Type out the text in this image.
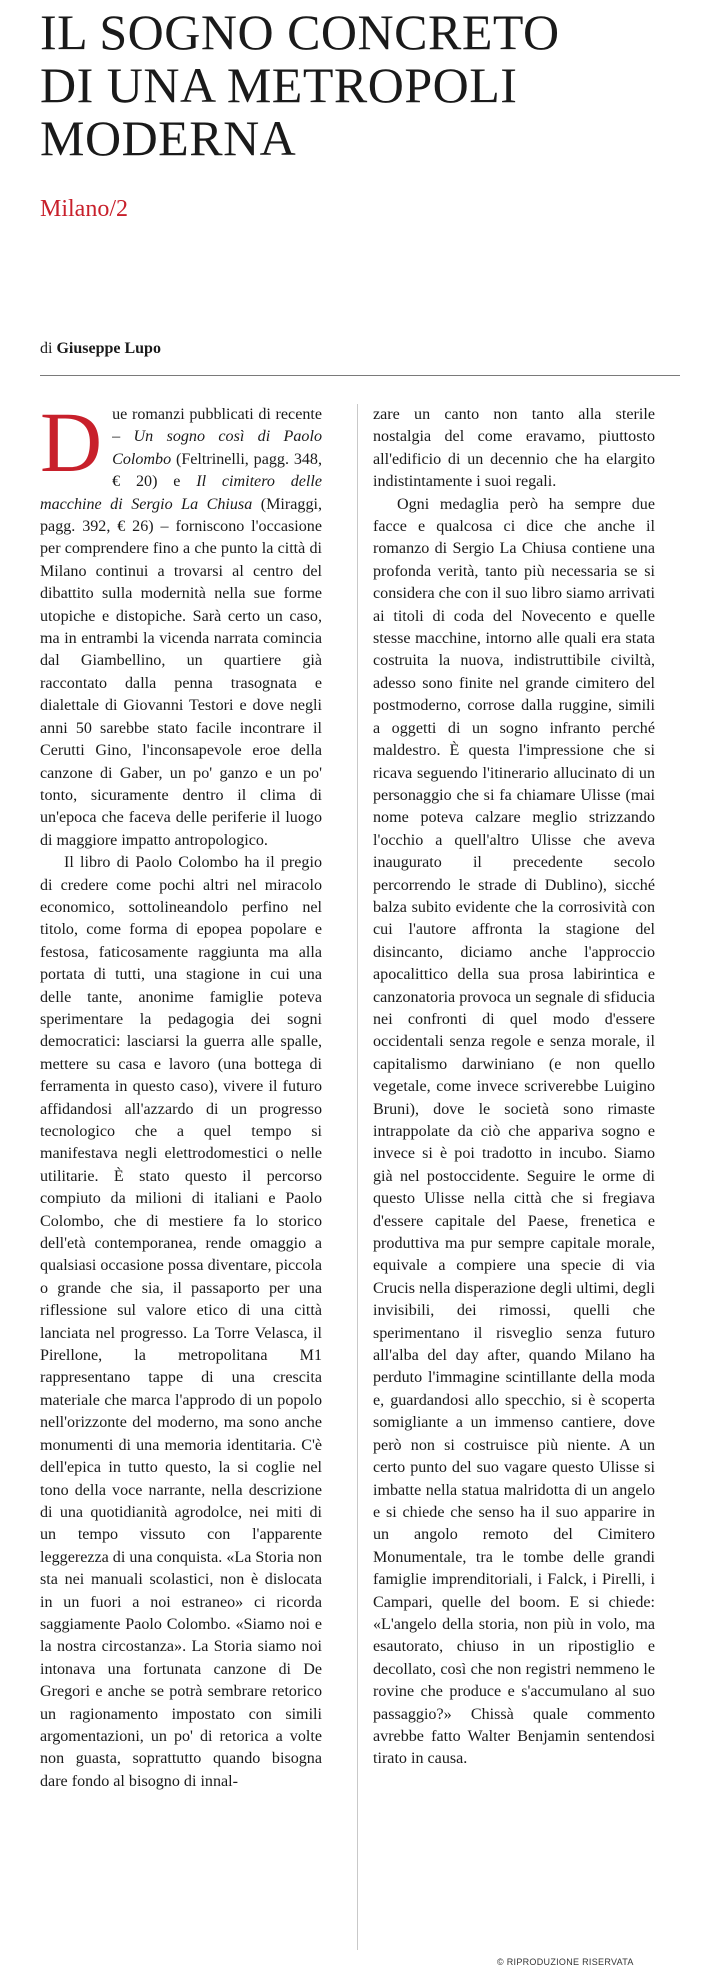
IL SOGNO CONCRETO
DI UNA METROPOLI
MODERNA

Milano/2

di Giuseppe Lupo

Due romanzi pubblicati di recente – Un sogno così di Paolo Colombo (Feltrinelli, pagg. 348, € 20) e Il cimitero delle macchine di Sergio La Chiusa (Miraggi, pagg. 392, € 26) – forniscono l'occasione per comprendere fino a che punto la città di Milano continui a trovarsi al centro del dibattito sulla modernità nella sue forme utopiche e distopiche. Sarà certo un caso, ma in entrambi la vicenda narrata comincia dal Giambellino, un quartiere già raccontato dalla penna trasognata e dialettale di Giovanni Testori e dove negli anni 50 sarebbe stato facile incontrare il Cerutti Gino, l'inconsapevole eroe della canzone di Gaber, un po' ganzo e un po' tonto, sicuramente dentro il clima di un'epoca che faceva delle periferie il luogo di maggiore impatto antropologico.

Il libro di Paolo Colombo ha il pregio di credere come pochi altri nel miracolo economico, sottolineandolo perfino nel titolo, come forma di epopea popolare e festosa, faticosamente raggiunta ma alla portata di tutti, una stagione in cui una delle tante, anonime famiglie poteva sperimentare la pedagogia dei sogni democratici: lasciarsi la guerra alle spalle, mettere su casa e lavoro (una bottega di ferramenta in questo caso), vivere il futuro affidandosi all'azzardo di un progresso tecnologico che a quel tempo si manifestava negli elettrodomestici o nelle utilitarie. È stato questo il percorso compiuto da milioni di italiani e Paolo Colombo, che di mestiere fa lo storico dell'età contemporanea, rende omaggio a qualsiasi occasione possa diventare, piccola o grande che sia, il passaporto per una riflessione sul valore etico di una città lanciata nel progresso. La Torre Velasca, il Pirellone, la metropolitana M1 rappresentano tappe di una crescita materiale che marca l'approdo di un popolo nell'orizzonte del moderno, ma sono anche monumenti di una memoria identitaria. C'è dell'epica in tutto questo, la si coglie nel tono della voce narrante, nella descrizione di una quotidianità agrodolce, nei miti di un tempo vissuto con l'apparente leggerezza di una conquista. «La Storia non sta nei manuali scolastici, non è dislocata in un fuori a noi estraneo» ci ricorda saggiamente Paolo Colombo. «Siamo noi e la nostra circostanza». La Storia siamo noi intonava una fortunata canzone di De Gregori e anche se potrà sembrare retorico un ragionamento impostato con simili argomentazioni, un po' di retorica a volte non guasta, soprattutto quando bisogna dare fondo al bisogno di innal-

zare un canto non tanto alla sterile nostalgia del come eravamo, piuttosto all'edificio di un decennio che ha elargito indistintamente i suoi regali.

Ogni medaglia però ha sempre due facce e qualcosa ci dice che anche il romanzo di Sergio La Chiusa contiene una profonda verità, tanto più necessaria se si considera che con il suo libro siamo arrivati ai titoli di coda del Novecento e quelle stesse macchine, intorno alle quali era stata costruita la nuova, indistruttibile civiltà, adesso sono finite nel grande cimitero del postmoderno, corrose dalla ruggine, simili a oggetti di un sogno infranto perché maldestro. È questa l'impressione che si ricava seguendo l'itinerario allucinato di un personaggio che si fa chiamare Ulisse (mai nome poteva calzare meglio strizzando l'occhio a quell'altro Ulisse che aveva inaugurato il precedente secolo percorrendo le strade di Dublino), sicché balza subito evidente che la corrosività con cui l'autore affronta la stagione del disincanto, diciamo anche l'approccio apocalittico della sua prosa labirintica e canzonatoria provoca un segnale di sfiducia nei confronti di quel modo d'essere occidentali senza regole e senza morale, il capitalismo darwiniano (e non quello vegetale, come invece scriverebbe Luigino Bruni), dove le società sono rimaste intrappolate da ciò che appariva sogno e invece si è poi tradotto in incubo. Siamo già nel postoccidente. Seguire le orme di questo Ulisse nella città che si fregiava d'essere capitale del Paese, frenetica e produttiva ma pur sempre capitale morale, equivale a compiere una specie di via Crucis nella disperazione degli ultimi, degli invisibili, dei rimossi, quelli che sperimentano il risveglio senza futuro all'alba del day after, quando Milano ha perduto l'immagine scintillante della moda e, guardandosi allo specchio, si è scoperta somigliante a un immenso cantiere, dove però non si costruisce più niente. A un certo punto del suo vagare questo Ulisse si imbatte nella statua malridotta di un angelo e si chiede che senso ha il suo apparire in un angolo remoto del Cimitero Monumentale, tra le tombe delle grandi famiglie imprenditoriali, i Falck, i Pirelli, i Campari, quelle del boom. E si chiede: «L'angelo della storia, non più in volo, ma esautorato, chiuso in un ripostiglio e decollato, così che non registri nemmeno le rovine che produce e s'accumulano al suo passaggio?» Chissà quale commento avrebbe fatto Walter Benjamin sentendosi tirato in causa.

© RIPRODUZIONE RISERVATA
